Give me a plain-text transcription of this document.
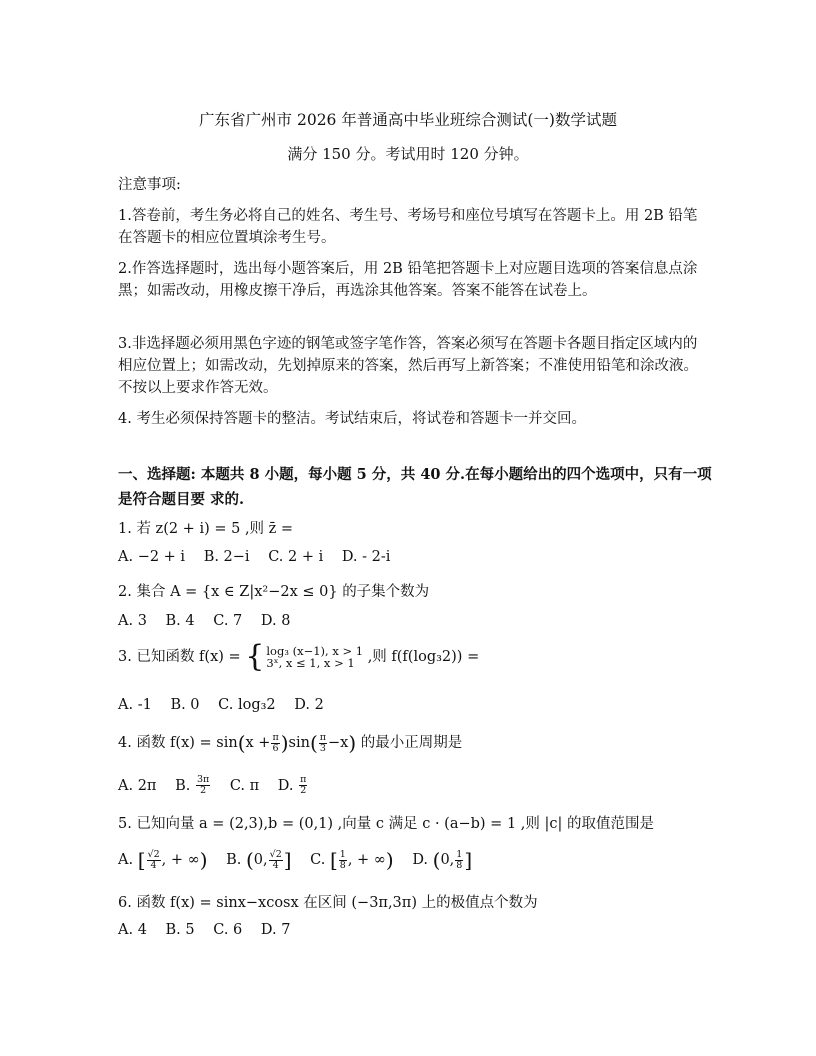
广东省广州市 2026 年普通高中毕业班综合测试(一)数学试题
满分 150 分。考试用时 120 分钟。
注意事项:
1.答卷前，考生务必将自己的姓名、考生号、考场号和座位号填写在答题卡上。用 2B 铅笔在答题卡的相应位置填涂考生号。
2.作答选择题时，选出每小题答案后，用 2B 铅笔把答题卡上对应题目选项的答案信息点涂黑；如需改动，用橡皮擦干净后，再选涂其他答案。答案不能答在试卷上。
3.非选择题必须用黑色字迹的钢笔或签字笔作答，答案必须写在答题卡各题目指定区域内的相应位置上；如需改动，先划掉原来的答案，然后再写上新答案；不准使用铅笔和涂改液。不按以上要求作答无效。
4. 考生必须保持答题卡的整洁。考试结束后，将试卷和答题卡一并交回。
一、选择题: 本题共 8 小题，每小题 5 分，共 40 分.在每小题给出的四个选项中，只有一项是符合题目要 求的.
1. 若 z(2 + i) = 5 ,则 z̄ =
A. −2 + i B. 2−i C. 2 + i D. - 2-i
2. 集合 A = {x ∈ Z|x²−2x ≤ 0} 的子集个数为
A. 3 B. 4 C. 7 D. 8
3. 已知函数 f(x) = { log₃ (x−1), x > 1
3ˣ, x ≤ 1, x > 1 ,则 f(f(log₃2)) =
A. -1 B. 0 C. log₃2 D. 2
4. 函数 $f(x) = \sin(x + \frac{\pi}{6} )\sin( \frac{\pi}{3} -x)$ 的最小正周期是
A. 2π B. $\frac{3\pi}{2} C$. π D. $\frac{\pi}{2}$
5. 已知向量 a = (2,3),b = (0,1) ,向量 c 满足 c · (a−b) = 1 ,则 |c| 的取值范围是
A. [ $\frac{√2}{4}$ , + ∞) B. (0, $\frac{√2}{4}$ ] C. [ $\frac{1}{8}$ , + ∞) D. (0, $\frac{1}{8}$ ]
6. 函数 f(x) = sinx−xcosx 在区间 (−3π,3π) 上的极值点个数为
A. 4 B. 5 C. 6 D. 7
